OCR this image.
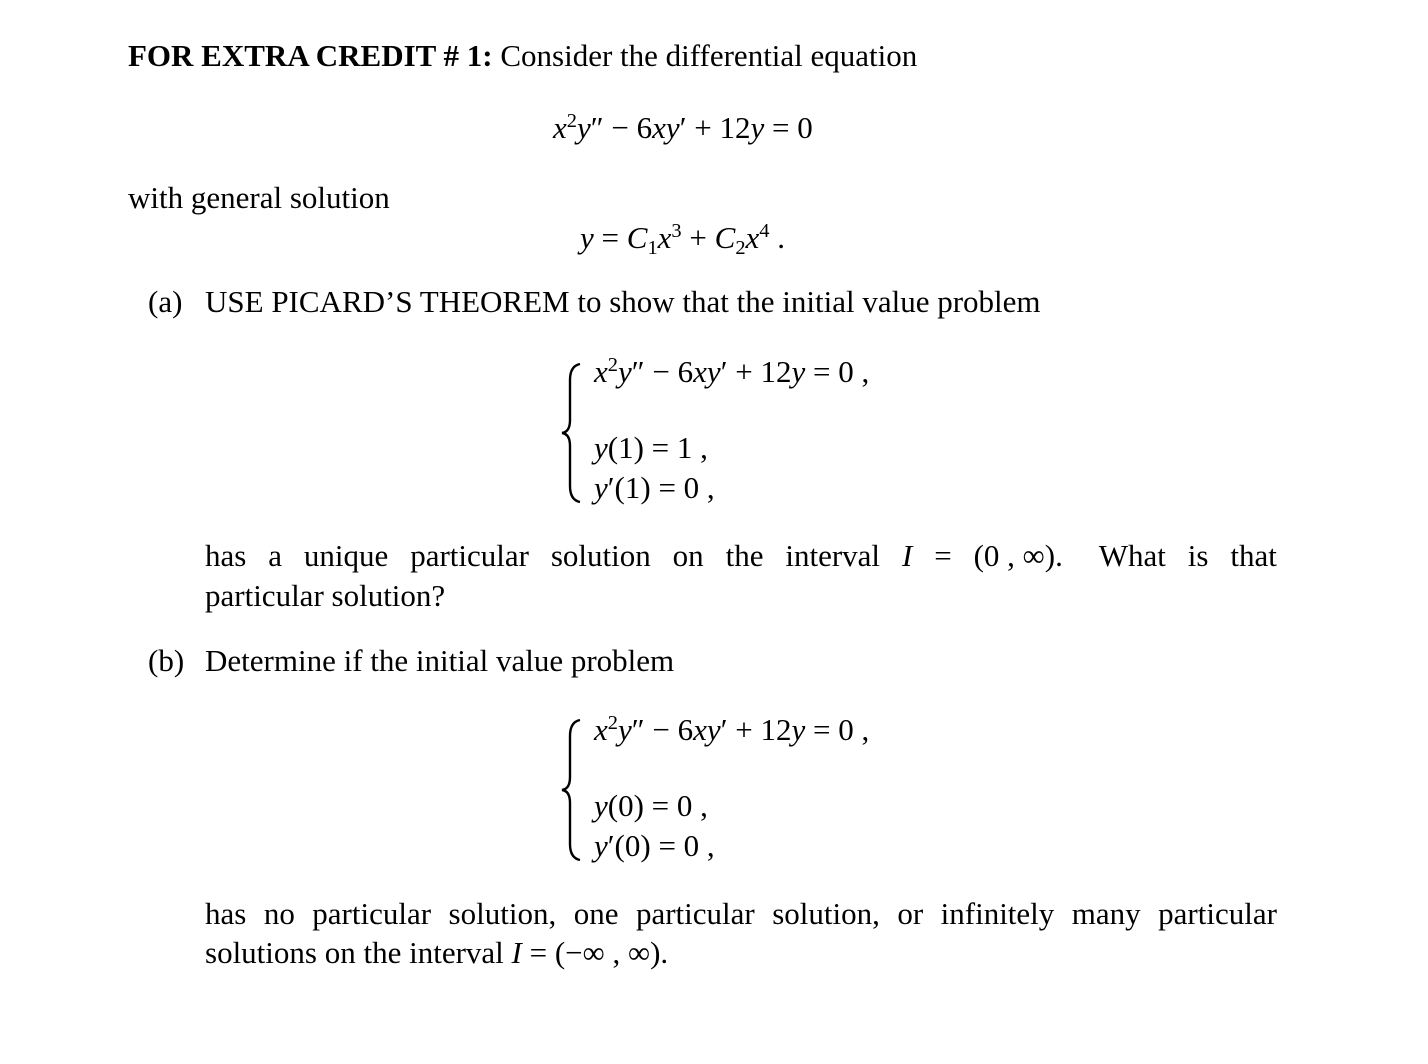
FOR EXTRA CREDIT # 1: Consider the differential equation
$x^2y'' - 6xy' + 12y = 0$
with general solution
$y = C_1x^3 + C_2x^4$ .
(a) USE PICARD’S THEOREM to show that the initial value problem
$x^2y'' - 6xy' + 12y = 0$ ,
y(1) = 1 ,
y′(1) = 0 ,
has a unique particular solution on the interval I = (0 , ∞). What is that
particular solution?
(b) Determine if the initial value problem
$x^2y'' - 6xy' + 12y = 0$ ,
y(0) = 0 ,
y′(0) = 0 ,
has no particular solution, one particular solution, or infinitely many particular
solutions on the interval I = (−∞ , ∞).
